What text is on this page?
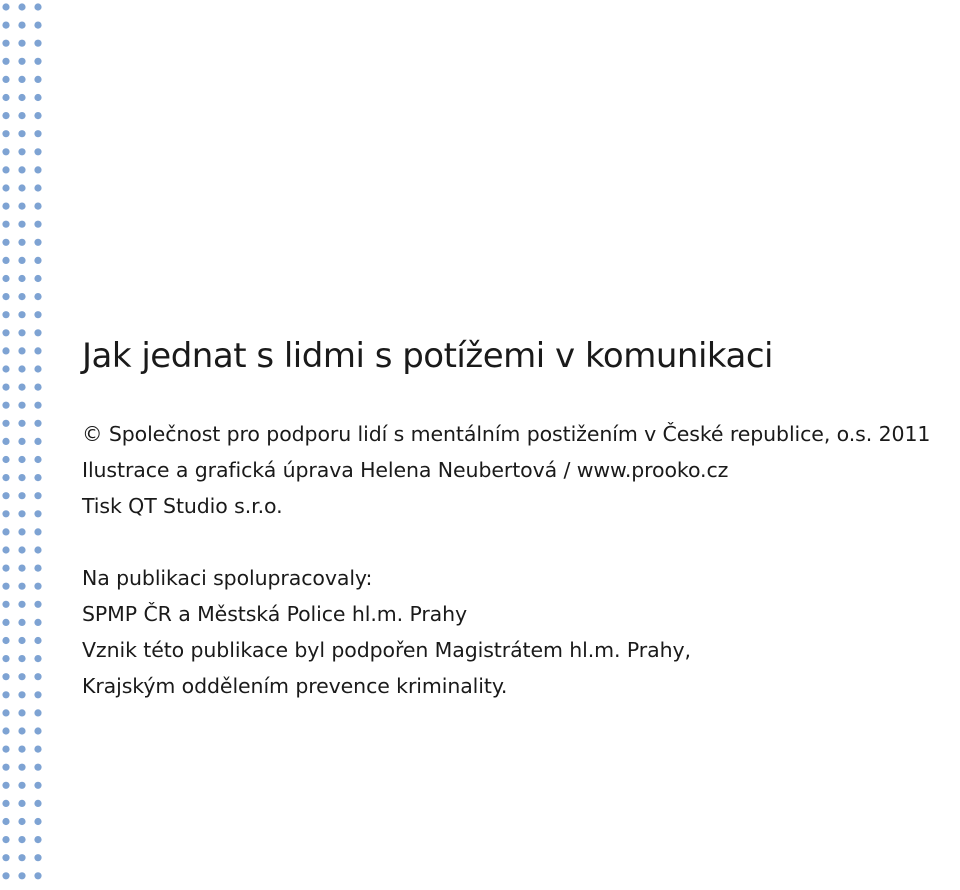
Jak jednat s lidmi s potížemi v komunikaci

© Společnost pro podporu lidí s mentálním postižením v České republice, o.s. 2011

Ilustrace a grafická úprava Helena Neubertová / www.prooko.cz

Tisk QT Studio s.r.o.

Na publikaci spolupracovaly:

SPMP ČR a Městská Police hl.m. Prahy

Vznik této publikace byl podpořen Magistrátem hl.m. Prahy,

Krajským oddělením prevence kriminality.
